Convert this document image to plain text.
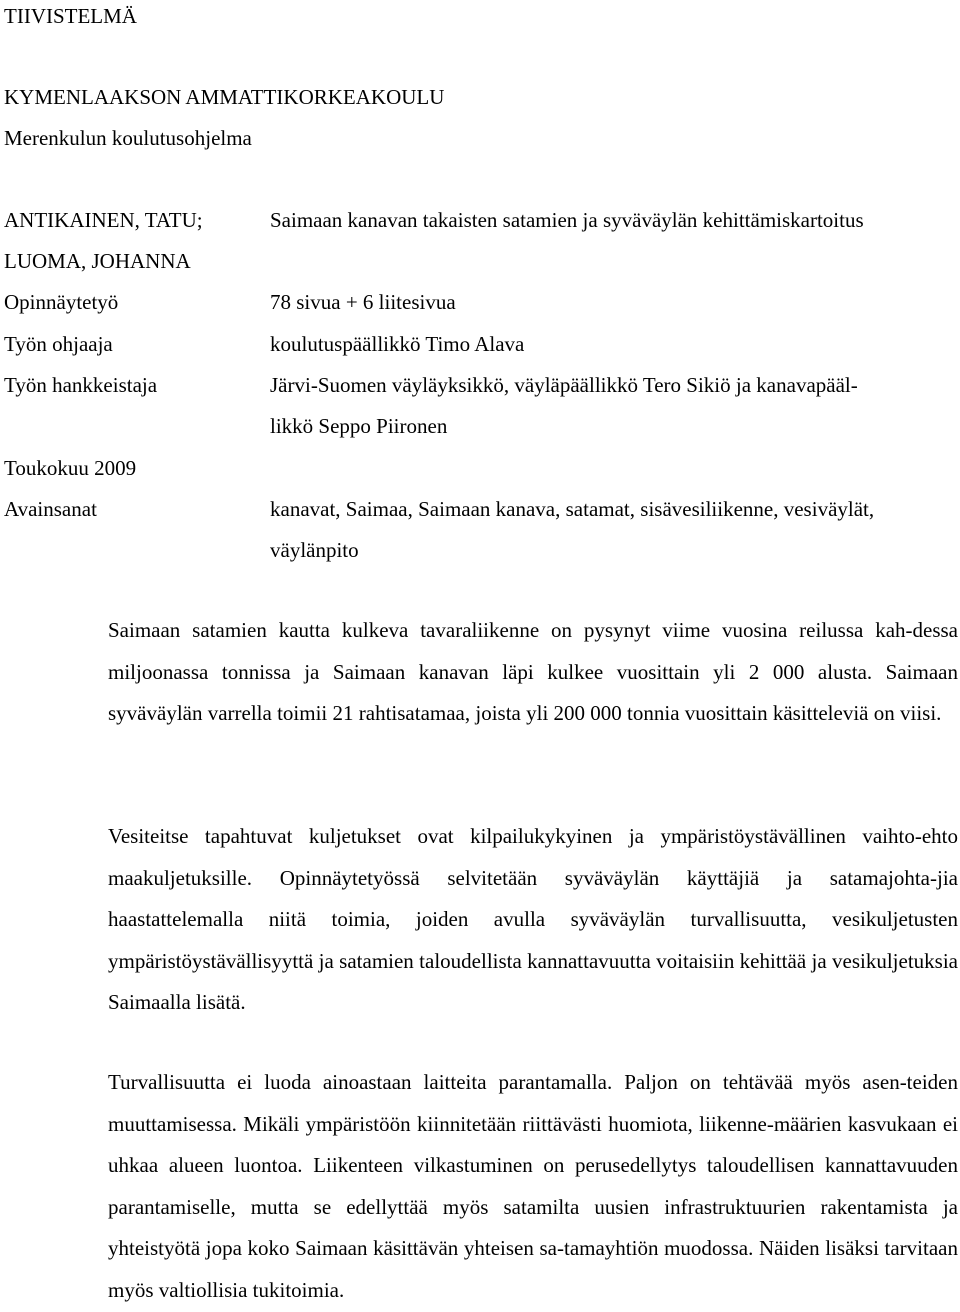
TIIVISTELMÄ
KYMENLAAKSON AMMATTIKORKEAKOULU
Merenkulun koulutusohjelma
ANTIKAINEN, TATU;	Saimaan kanavan takaisten satamien ja syväväylän kehittämiskartoitus
LUOMA, JOHANNA
Opinnäytetyö	78 sivua + 6 liitesivua
Työn ohjaaja	koulutuspäällikkö Timo Alava
Työn hankkeistaja	Järvi-Suomen väyläyksikkö, väyläpäällikkö Tero Sikiö ja kanavapääl-
likkö Seppo Piironen
Toukokuu 2009
Avainsanat	kanavat, Saimaa, Saimaan kanava, satamat, sisävesiliikenne, vesiväylät,
väylänpito

Saimaan satamien kautta kulkeva tavaraliikenne on pysynyt viime vuosina reilussa kah-dessa miljoonassa tonnissa ja Saimaan kanavan läpi kulkee vuosittain yli 2 000 alusta. Saimaan syväväylän varrella toimii 21 rahtisatamaa, joista yli 200 000 tonnia vuosittain käsitteleviä on viisi.

Vesiteitse tapahtuvat kuljetukset ovat kilpailukykyinen ja ympäristöystävällinen vaihto-ehto maakuljetuksille. Opinnäytetyössä selvitetään syväväylän käyttäjiä ja satamajohta-jia haastattelemalla niitä toimia, joiden avulla syväväylän turvallisuutta, vesikuljetusten ympäristöystävällisyyttä ja satamien taloudellista kannattavuutta voitaisiin kehittää ja vesikuljetuksia Saimaalla lisätä.

Turvallisuutta ei luoda ainoastaan laitteita parantamalla. Paljon on tehtävää myös asen-teiden muuttamisessa. Mikäli ympäristöön kiinnitetään riittävästi huomiota, liikenne-määrien kasvukaan ei uhkaa alueen luontoa. Liikenteen vilkastuminen on perusedellytys taloudellisen kannattavuuden parantamiselle, mutta se edellyttää myös satamilta uusien infrastruktuurien rakentamista ja yhteistyötä jopa koko Saimaan käsittävän yhteisen sa-tamayhtiön muodossa. Näiden lisäksi tarvitaan myös valtiollisia tukitoimia.
